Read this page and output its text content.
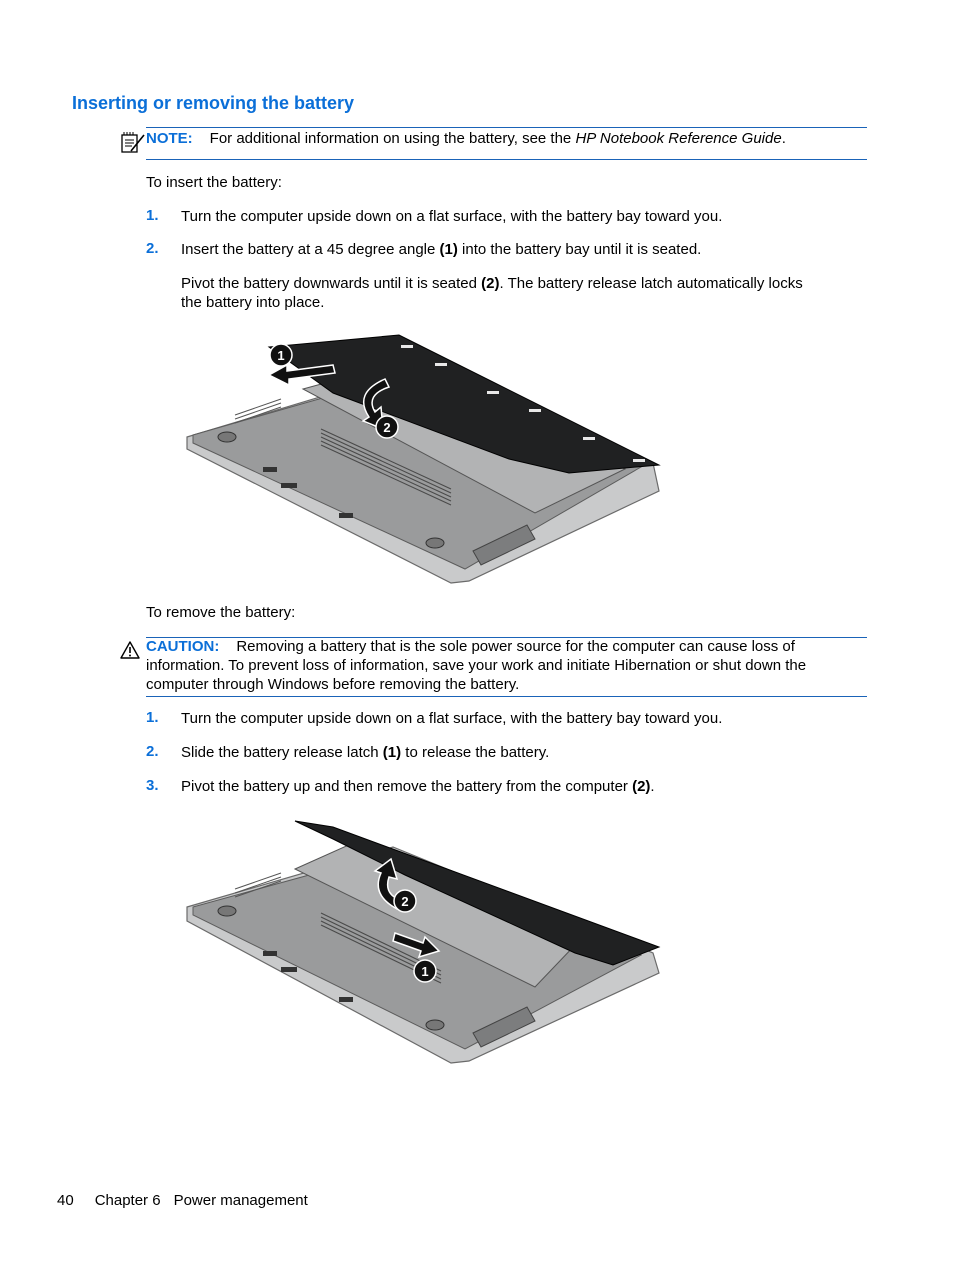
Inserting or removing the battery
NOTE: For additional information on using the battery, see the HP Notebook Reference Guide.
To insert the battery:
1. Turn the computer upside down on a flat surface, with the battery bay toward you.
2. Insert the battery at a 45 degree angle (1) into the battery bay until it is seated.
Pivot the battery downwards until it is seated (2). The battery release latch automatically locks
the battery into place.
1
2
To remove the battery:
CAUTION: Removing a battery that is the sole power source for the computer can cause loss of
information. To prevent loss of information, save your work and initiate Hibernation or shut down the
computer through Windows before removing the battery.
1. Turn the computer upside down on a flat surface, with the battery bay toward you.
2. Slide the battery release latch (1) to release the battery.
3. Pivot the battery up and then remove the battery from the computer (2).
2
1
40 Chapter 6 Power management
